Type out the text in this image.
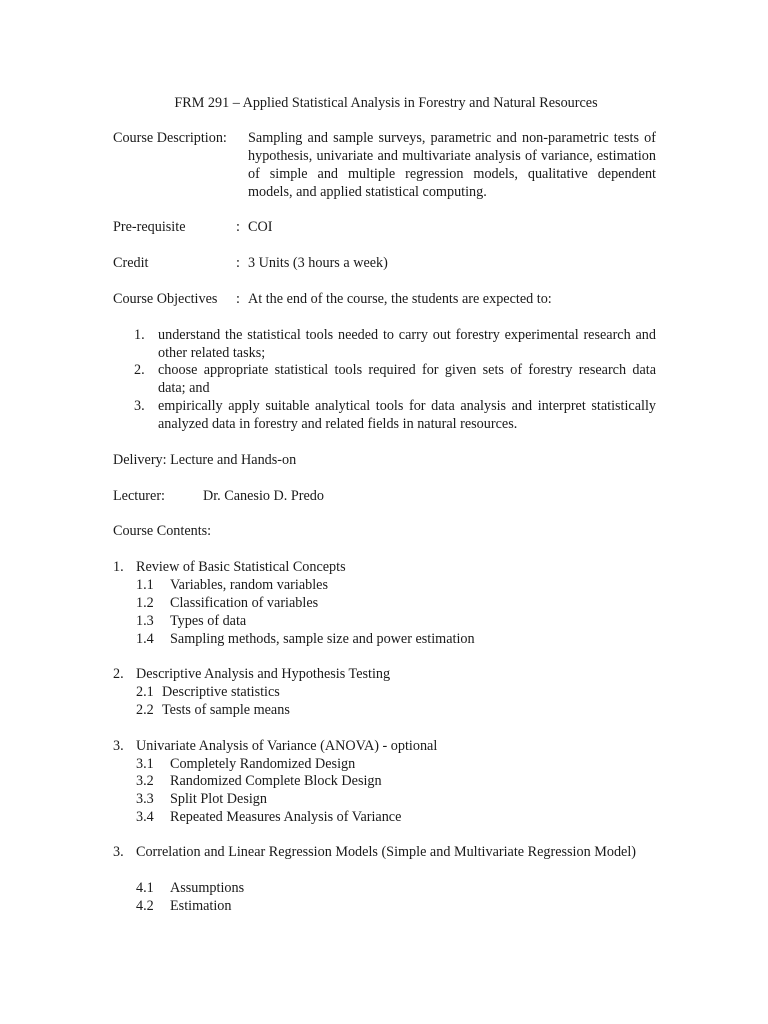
FRM 291 – Applied Statistical Analysis in Forestry and Natural Resources
Course Description: Sampling and sample surveys, parametric and non-parametric tests of hypothesis, univariate and multivariate analysis of variance, estimation of simple and multiple regression models, qualitative dependent models, and applied statistical computing.
Pre-requisite	: COI
Credit	: 3 Units (3 hours a week)
Course Objectives : At the end of the course, the students are expected to:
1. understand the statistical tools needed to carry out forestry experimental research and other related tasks;
2. choose appropriate statistical tools required for given sets of forestry research data data; and
3. empirically apply suitable analytical tools for data analysis and interpret statistically analyzed data in forestry and related fields in natural resources.
Delivery: Lecture and Hands-on
Lecturer:	Dr. Canesio D. Predo
Course Contents:
1. Review of Basic Statistical Concepts
1.1 Variables, random variables
1.2 Classification of variables
1.3 Types of data
1.4 Sampling methods, sample size and power estimation
2. Descriptive Analysis and Hypothesis Testing
2.1 Descriptive statistics
2.2 Tests of sample means
3. Univariate Analysis of Variance (ANOVA) - optional
3.1 Completely Randomized Design
3.2 Randomized Complete Block Design
3.3 Split Plot Design
3.4 Repeated Measures Analysis of Variance
3. Correlation and Linear Regression Models (Simple and Multivariate Regression Model)
4.1 Assumptions
4.2 Estimation
